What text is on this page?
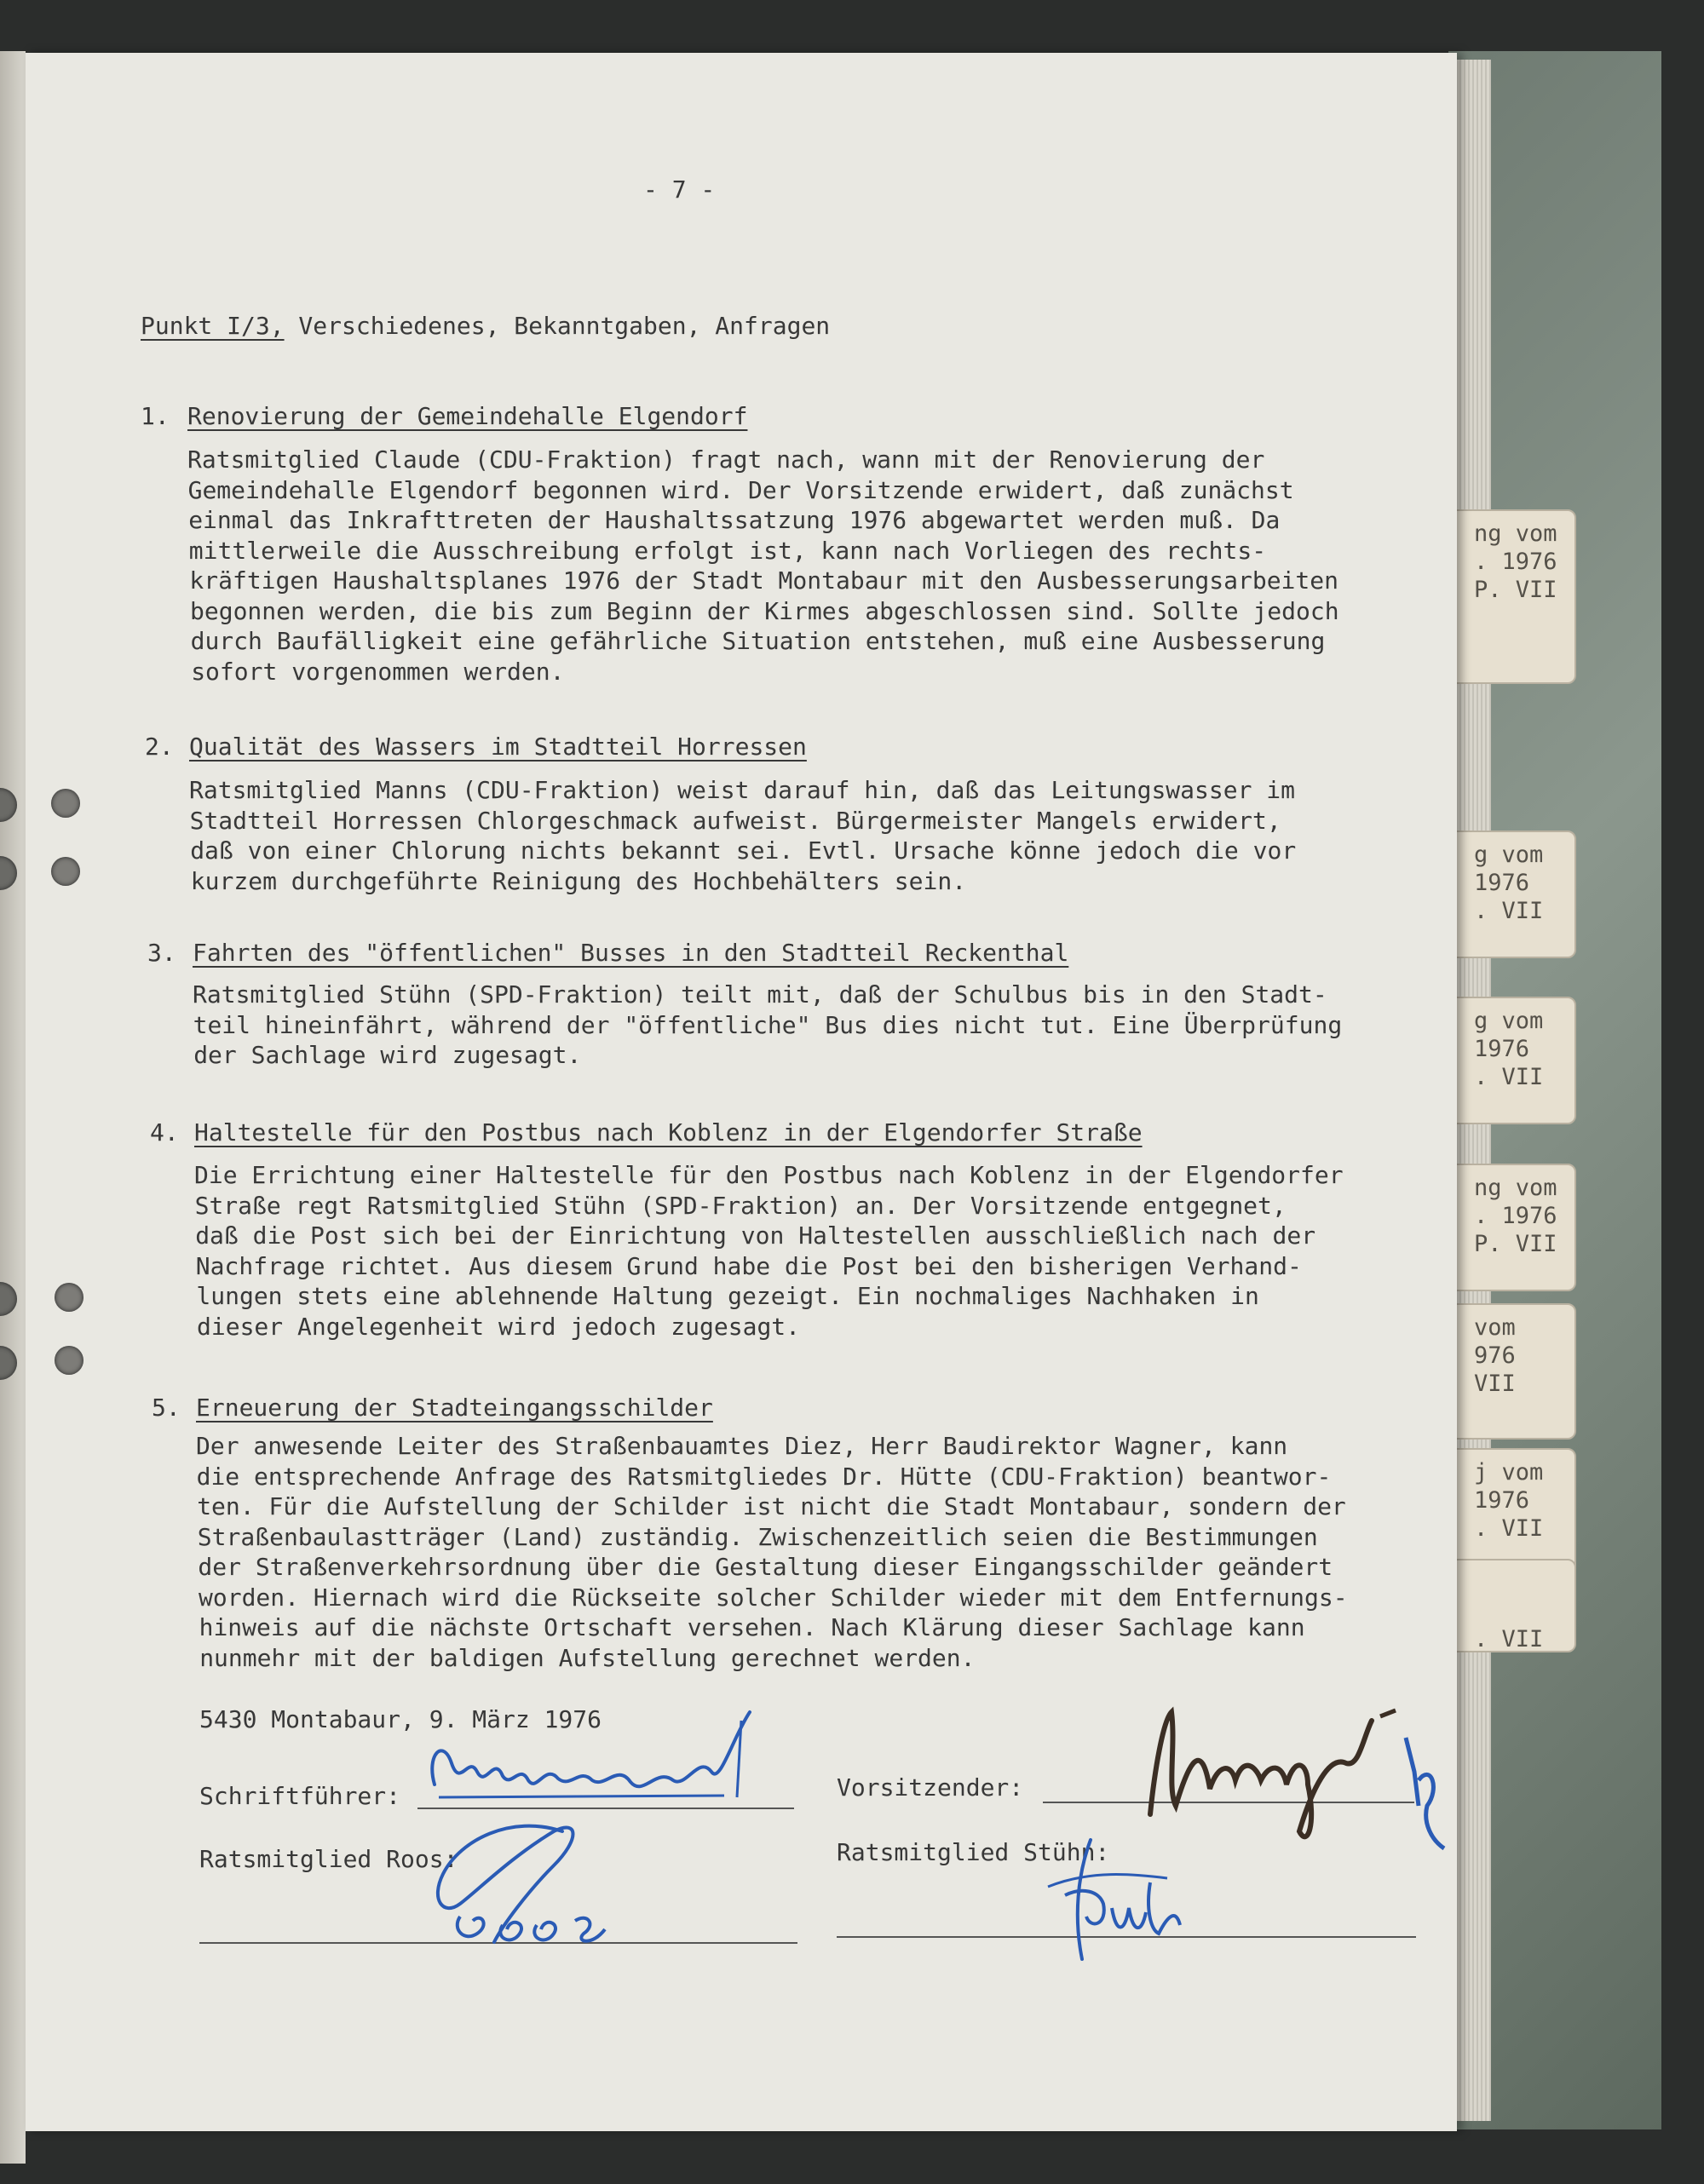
ng vom
. 1976
P. VII
g vom
1976
. VII
g vom
1976
. VII
ng vom
. 1976
P. VII
vom
976
VII
j vom
1976
. VII

. VII
- 7 -
Punkt I/3, Verschiedenes, Bekanntgaben, Anfragen
1. Renovierung der Gemeindehalle Elgendorf
Ratsmitglied Claude (CDU-Fraktion) fragt nach, wann mit der Renovierung der
Gemeindehalle Elgendorf begonnen wird. Der Vorsitzende erwidert, daß zunächst
einmal das Inkrafttreten der Haushaltssatzung 1976 abgewartet werden muß. Da
mittlerweile die Ausschreibung erfolgt ist, kann nach Vorliegen des rechts-
kräftigen Haushaltsplanes 1976 der Stadt Montabaur mit den Ausbesserungsarbeiten
begonnen werden, die bis zum Beginn der Kirmes abgeschlossen sind. Sollte jedoch
durch Baufälligkeit eine gefährliche Situation entstehen, muß eine Ausbesserung
sofort vorgenommen werden.
2. Qualität des Wassers im Stadtteil Horressen
Ratsmitglied Manns (CDU-Fraktion) weist darauf hin, daß das Leitungswasser im
Stadtteil Horressen Chlorgeschmack aufweist. Bürgermeister Mangels erwidert,
daß von einer Chlorung nichts bekannt sei. Evtl. Ursache könne jedoch die vor
kurzem durchgeführte Reinigung des Hochbehälters sein.
3. Fahrten des "öffentlichen" Busses in den Stadtteil Reckenthal
Ratsmitglied Stühn (SPD-Fraktion) teilt mit, daß der Schulbus bis in den Stadt-
teil hineinfährt, während der "öffentliche" Bus dies nicht tut. Eine Überprüfung
der Sachlage wird zugesagt.
4. Haltestelle für den Postbus nach Koblenz in der Elgendorfer Straße
Die Errichtung einer Haltestelle für den Postbus nach Koblenz in der Elgendorfer
Straße regt Ratsmitglied Stühn (SPD-Fraktion) an. Der Vorsitzende entgegnet,
daß die Post sich bei der Einrichtung von Haltestellen ausschließlich nach der
Nachfrage richtet. Aus diesem Grund habe die Post bei den bisherigen Verhand-
lungen stets eine ablehnende Haltung gezeigt. Ein nochmaliges Nachhaken in
dieser Angelegenheit wird jedoch zugesagt.
5. Erneuerung der Stadteingangsschilder
Der anwesende Leiter des Straßenbauamtes Diez, Herr Baudirektor Wagner, kann
die entsprechende Anfrage des Ratsmitgliedes Dr. Hütte (CDU-Fraktion) beantwor-
ten. Für die Aufstellung der Schilder ist nicht die Stadt Montabaur, sondern der
Straßenbaulastträger (Land) zuständig. Zwischenzeitlich seien die Bestimmungen
der Straßenverkehrsordnung über die Gestaltung dieser Eingangsschilder geändert
worden. Hiernach wird die Rückseite solcher Schilder wieder mit dem Entfernungs-
hinweis auf die nächste Ortschaft versehen. Nach Klärung dieser Sachlage kann
nunmehr mit der baldigen Aufstellung gerechnet werden.
5430 Montabaur, 9. März 1976
Schriftführer:	Vorsitzender:
Ratsmitglied Roos:	Ratsmitglied Stühn:
